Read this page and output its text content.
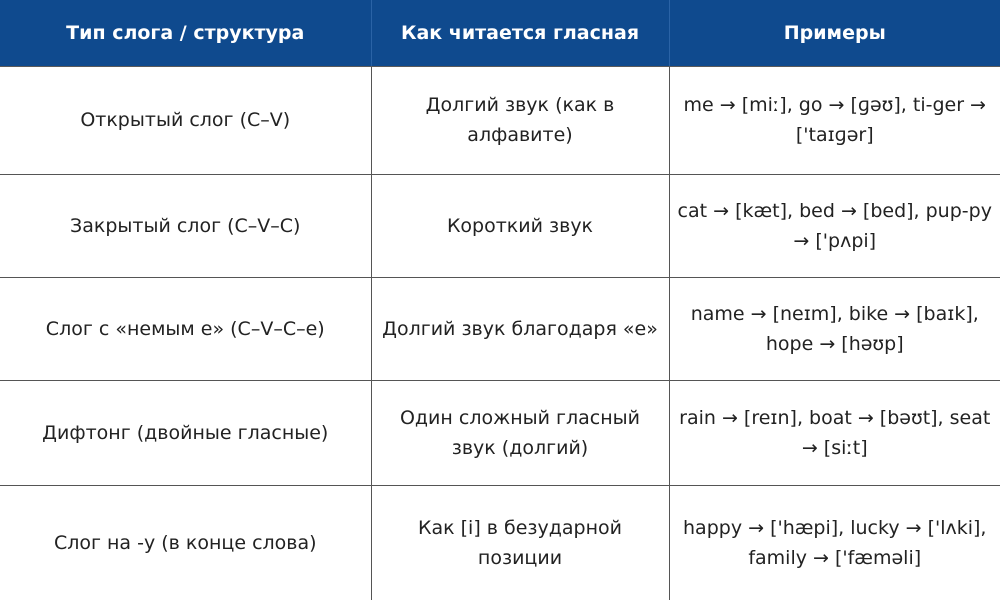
Тип слога / структура	Как читается гласная	Примеры
Открытый слог (C–V)	Долгий звук (как в алфавите)	me → [miː], go → [ɡəʊ], ti-ger → ['taɪɡər]
Закрытый слог (C–V–C)	Короткий звук	cat → [kæt], bed → [bed], pup-py → ['pʌpi]
Слог с «немым e» (C–V–C–e)	Долгий звук благодаря «e»	name → [neɪm], bike → [baɪk], hope → [həʊp]
Дифтонг (двойные гласные)	Один сложный гласный звук (долгий)	rain → [reɪn], boat → [bəʊt], seat → [siːt]
Слог на -y (в конце слова)	Как [i] в безударной позиции	happy → ['hæpi], lucky → ['lʌki], family → ['fæməli]
